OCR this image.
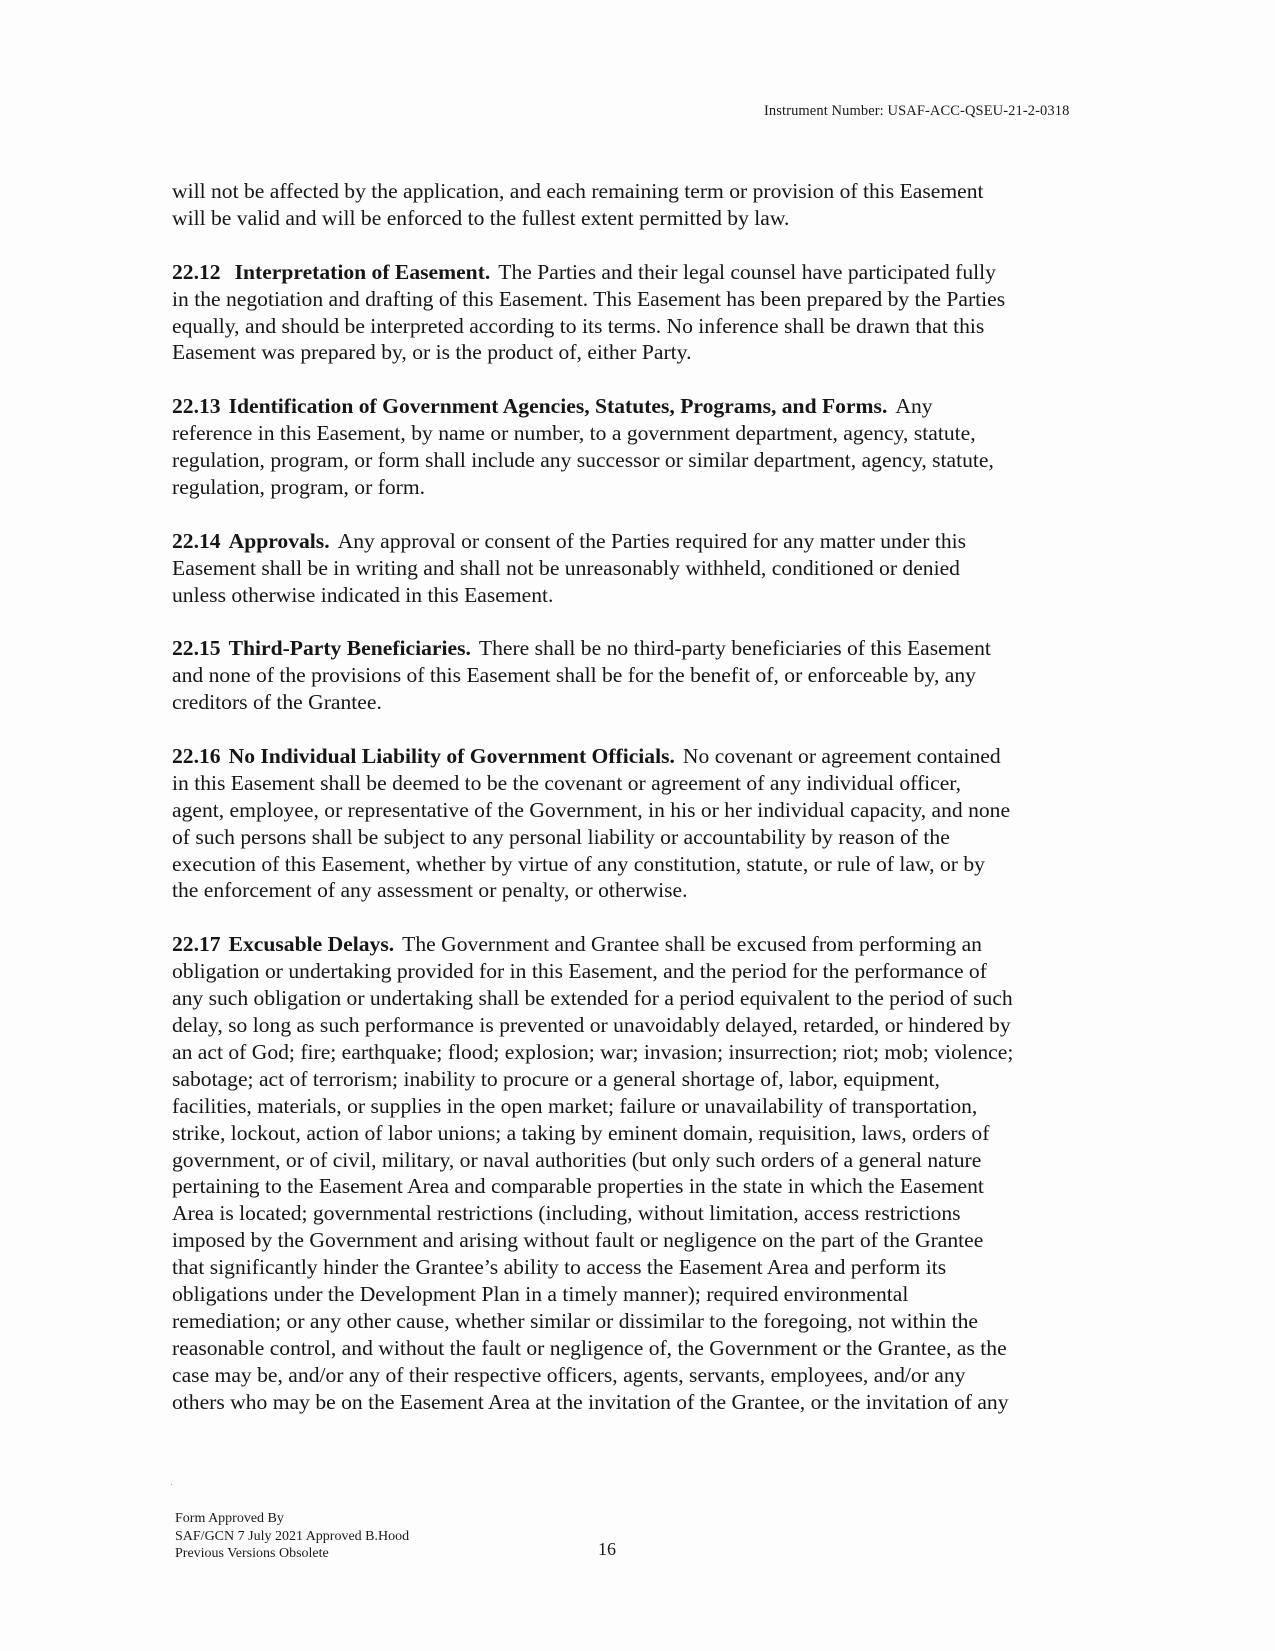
Instrument Number: USAF-ACC-QSEU-21-2-0318
will not be affected by the application, and each remaining term or provision of this Easement
will be valid and will be enforced to the fullest extent permitted by law.
22.12 Interpretation of Easement. The Parties and their legal counsel have participated fully
in the negotiation and drafting of this Easement. This Easement has been prepared by the Parties
equally, and should be interpreted according to its terms. No inference shall be drawn that this
Easement was prepared by, or is the product of, either Party.
22.13 Identification of Government Agencies, Statutes, Programs, and Forms. Any
reference in this Easement, by name or number, to a government department, agency, statute,
regulation, program, or form shall include any successor or similar department, agency, statute,
regulation, program, or form.
22.14 Approvals. Any approval or consent of the Parties required for any matter under this
Easement shall be in writing and shall not be unreasonably withheld, conditioned or denied
unless otherwise indicated in this Easement.
22.15 Third-Party Beneficiaries. There shall be no third-party beneficiaries of this Easement
and none of the provisions of this Easement shall be for the benefit of, or enforceable by, any
creditors of the Grantee.
22.16 No Individual Liability of Government Officials. No covenant or agreement contained
in this Easement shall be deemed to be the covenant or agreement of any individual officer,
agent, employee, or representative of the Government, in his or her individual capacity, and none
of such persons shall be subject to any personal liability or accountability by reason of the
execution of this Easement, whether by virtue of any constitution, statute, or rule of law, or by
the enforcement of any assessment or penalty, or otherwise.
22.17 Excusable Delays. The Government and Grantee shall be excused from performing an
obligation or undertaking provided for in this Easement, and the period for the performance of
any such obligation or undertaking shall be extended for a period equivalent to the period of such
delay, so long as such performance is prevented or unavoidably delayed, retarded, or hindered by
an act of God; fire; earthquake; flood; explosion; war; invasion; insurrection; riot; mob; violence;
sabotage; act of terrorism; inability to procure or a general shortage of, labor, equipment,
facilities, materials, or supplies in the open market; failure or unavailability of transportation,
strike, lockout, action of labor unions; a taking by eminent domain, requisition, laws, orders of
government, or of civil, military, or naval authorities (but only such orders of a general nature
pertaining to the Easement Area and comparable properties in the state in which the Easement
Area is located; governmental restrictions (including, without limitation, access restrictions
imposed by the Government and arising without fault or negligence on the part of the Grantee
that significantly hinder the Grantee’s ability to access the Easement Area and perform its
obligations under the Development Plan in a timely manner); required environmental
remediation; or any other cause, whether similar or dissimilar to the foregoing, not within the
reasonable control, and without the fault or negligence of, the Government or the Grantee, as the
case may be, and/or any of their respective officers, agents, servants, employees, and/or any
others who may be on the Easement Area at the invitation of the Grantee, or the invitation of any
Form Approved By
SAF/GCN 7 July 2021 Approved B.Hood
Previous Versions Obsolete	16
